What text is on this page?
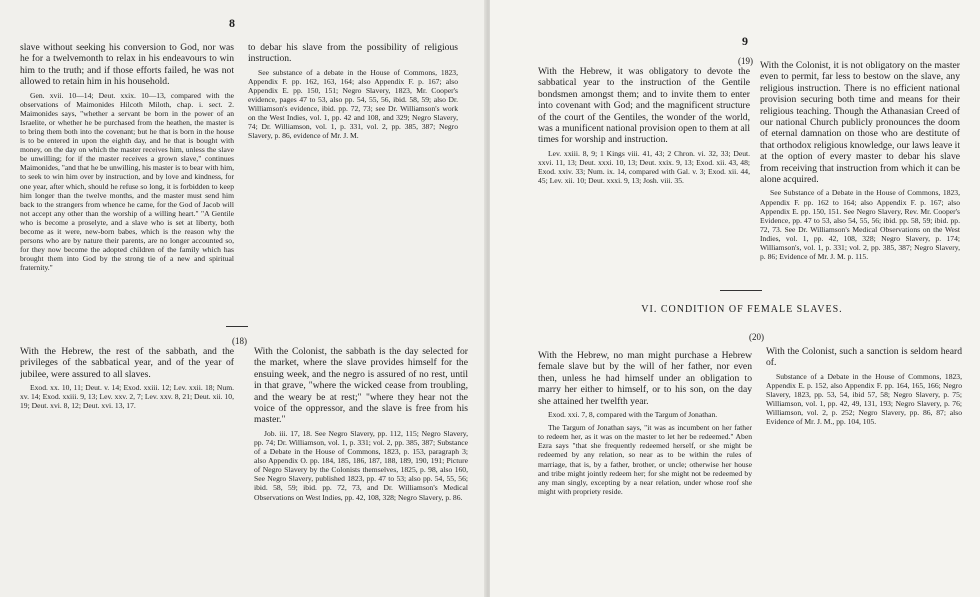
8

slave without seeking his conversion to God, nor was he for a twelvemonth to relax in his endeavours to win him to the truth; and if those efforts failed, he was not allowed to retain him in his household.

Gen. xvii. 10—14; Deut. xxix. 10—13, compared with the observations of Maimonides Hilcoth Miloth, chap. i. sect. 2. Maimonides says, "whether a servant be born in the power of an Israelite, or whether he be purchased from the heathen, the master is to bring them both into the covenant; but he that is born in the house is to be entered in upon the eighth day, and he that is bought with money, on the day on which the master receives him, unless the slave be unwilling; for if the master receives a grown slave," continues Maimonides, "and that he be unwilling, his master is to bear with him, to seek to win him over by instruction, and by love and kindness, for one year, after which, should he refuse so long, it is forbidden to keep him longer than the twelve months, and the master must send him back to the strangers from whence he came, for the God of Jacob will not accept any other than the worship of a willing heart." "A Gentile who is become a proselyte, and a slave who is set at liberty, both become as it were, new-born babes, which is the reason why the persons who are by nature their parents, are no longer accounted so, for they now become the adopted children of the family which has brought them into God by the strong tie of a new and spiritual fraternity."

to debar his slave from the possibility of religious instruction.

See substance of a debate in the House of Commons, 1823, Appendix F. pp. 162, 163, 164; also Appendix F. p. 167; also Appendix E. pp. 150, 151; Negro Slavery, 1823, Mr. Cooper's evidence, pages 47 to 53, also pp. 54, 55, 56, ibid. 58, 59; also Dr. Williamson's evidence, ibid. pp. 72, 73; see Dr. Williamson's work on the West Indies, vol. 1, pp. 42 and 108, and 329; Negro Slavery, 74; Dr. Williamson, vol. 1, p. 331, vol. 2, pp. 385, 387; Negro Slavery, p. 86, evidence of Mr. J. M.

(18)

With the Hebrew, the rest of the sabbath, and the privileges of the sabbatical year, and of the year of jubilee, were assured to all slaves.

Exod. xx. 10, 11; Deut. v. 14; Exod. xxiii. 12; Lev. xxii. 18; Num. xv. 14; Exod. xxiii. 9, 13; Lev. xxv. 2, 7; Lev. xxv. 8, 21; Deut. xii. 10, 19; Deut. xvi. 8, 12; Deut. xvi. 13, 17.

With the Colonist, the sabbath is the day selected for the market, where the slave provides himself for the ensuing week, and the negro is assured of no rest, until in that grave, "where the wicked cease from troubling, and the weary be at rest;" "where they hear not the voice of the oppressor, and the slave is free from his master."

Job. iii. 17, 18. See Negro Slavery, pp. 112, 115; Negro Slavery, pp. 74; Dr. Williamson, vol. 1, p. 331; vol. 2, pp. 385, 387; Substance of a Debate in the House of Commons, 1823, p. 153, paragraph 3; also Appendix O. pp. 184, 185, 186, 187, 188, 189, 190, 191; Picture of Negro Slavery by the Colonists themselves, 1825, p. 98, also 160, See Negro Slavery, published 1823, pp. 47 to 53; also pp. 54, 55, 56; ibid. 58, 59; ibid. pp. 72, 73, and Dr. Williamson's Medical Observations on West Indies, pp. 42, 108, 328; Negro Slavery, p. 86.

9
(19)

With the Hebrew, it was obligatory to devote the sabbatical year to the instruction of the Gentile bondsmen amongst them; and to invite them to enter into covenant with God; and the magnificent structure of the court of the Gentiles, the wonder of the world, was a munificent national provision open to them at all times for worship and instruction.

Lev. xxiii. 8, 9; 1 Kings viii. 41, 43; 2 Chron. vi. 32, 33; Deut. xxvi. 11, 13; Deut. xxxi. 10, 13; Deut. xxix. 9, 13; Exod. xii. 43, 48; Exod. xxiv. 33; Num. ix. 14, compared with Gal. v. 3; Exod. xii. 44, 45; Lev. xii. 10; Deut. xxxi. 9, 13; Josh. viii. 35.

With the Colonist, it is not obligatory on the master even to permit, far less to bestow on the slave, any religious instruction. There is no efficient national provision securing both time and means for their religious teaching. Though the Athanasian Creed of our national Church publicly pronounces the doom of eternal damnation on those who are destitute of that orthodox religious knowledge, our laws leave it at the option of every master to debar his slave from receiving that instruction from which it can be alone acquired.

See Substance of a Debate in the House of Commons, 1823, Appendix F. pp. 162 to 164; also Appendix F. p. 167; also Appendix E. pp. 150, 151. See Negro Slavery, Rev. Mr. Cooper's Evidence, pp. 47 to 53, also 54, 55, 56; ibid. pp. 58, 59; ibid. pp. 72, 73. See Dr. Williamson's Medical Observations on the West Indies, vol. 1, pp. 42, 108, 328; Negro Slavery, p. 174; Williamson's, vol. 1, p. 331; vol. 2, pp. 385, 387; Negro Slavery, p. 86; Evidence of Mr. J. M. p. 115.

VI. CONDITION OF FEMALE SLAVES.
(20)

With the Hebrew, no man might purchase a Hebrew female slave but by the will of her father, nor even then, unless he had himself under an obligation to marry her either to himself, or to his son, on the day she attained her twelfth year.

Exod. xxi. 7, 8, compared with the Targum of Jonathan.

The Targum of Jonathan says, "it was as incumbent on her father to redeem her, as it was on the master to let her be redeemed." Aben Ezra says "that she frequently redeemed herself, or she might be redeemed by any relation, so near as to be within the rules of marriage, that is, by a father, brother, or uncle; otherwise her house and tribe might jointly redeem her; for she might not be redeemed by any man singly, excepting by a near relation, under whose roof she might with propriety reside.

With the Colonist, such a sanction is seldom heard of.

Substance of a Debate in the House of Commons, 1823, Appendix E. p. 152, also Appendix F. pp. 164, 165, 166; Negro Slavery, 1823, pp. 53, 54, ibid 57, 58; Negro Slavery, p. 75; Williamson, vol. 1, pp. 42, 49, 131, 193; Negro Slavery, p. 76; Williamson, vol. 2, p. 252; Negro Slavery, pp. 86, 87; also Evidence of Mr. J. M., pp. 104, 105.
